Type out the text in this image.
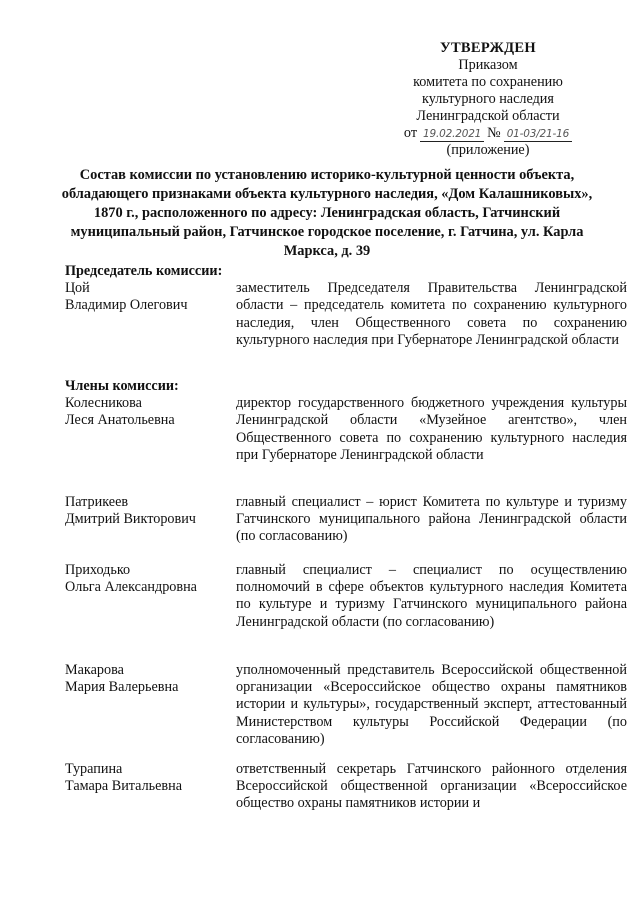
УТВЕРЖДЕН
Приказом
комитета по сохранению
культурного наследия
Ленинградской области
от 19.02.2021 № 01-03/21-16
(приложение)
Состав комиссии по установлению историко-культурной ценности объекта, обладающего признаками объекта культурного наследия, «Дом Калашниковых», 1870 г., расположенного по адресу: Ленинградская область, Гатчинский муниципальный район, Гатчинское городское поселение, г. Гатчина, ул. Карла Маркса, д. 39
Председатель комиссии:
Цой
Владимир Олегович
заместитель Председателя Правительства Ленинградской области – председатель комитета по сохранению культурного наследия, член Общественного совета по сохранению культурного наследия при Губернаторе Ленинградской области
Члены комиссии:
Колесникова
Леся Анатольевна
директор государственного бюджетного учреждения культуры Ленинградской области «Музейное агентство», член Общественного совета по сохранению культурного наследия при Губернаторе Ленинградской области
Патрикеев
Дмитрий Викторович
главный специалист – юрист Комитета по культуре и туризму Гатчинского муниципального района Ленинградской области (по согласованию)
Приходько
Ольга Александровна
главный специалист – специалист по осуществлению полномочий в сфере объектов культурного наследия Комитета по культуре и туризму Гатчинского муниципального района Ленинградской области (по согласованию)
Макарова
Мария Валерьевна
уполномоченный представитель Всероссийской общественной организации «Всероссийское общество охраны памятников истории и культуры», государственный эксперт, аттестованный Министерством культуры Российской Федерации (по согласованию)
Турапина
Тамара Витальевна
ответственный секретарь Гатчинского районного отделения Всероссийской общественной организации «Всероссийское общество охраны памятников истории и
